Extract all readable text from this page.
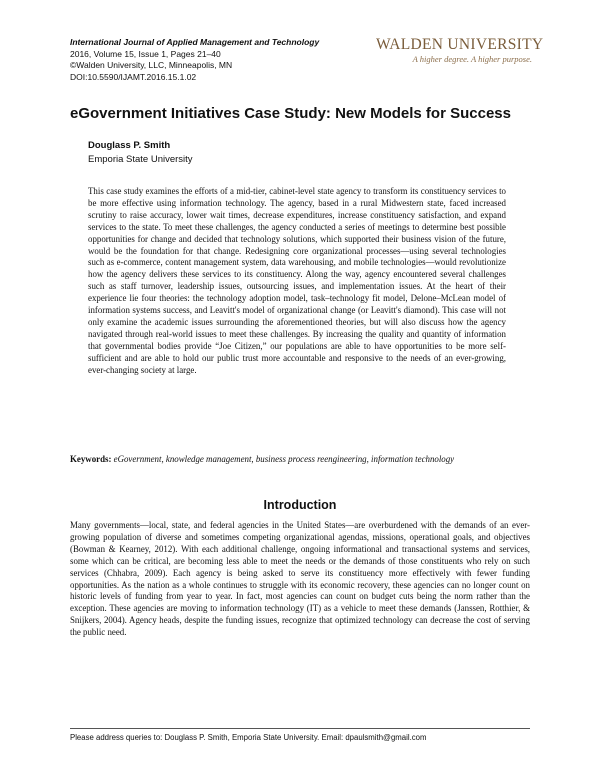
International Journal of Applied Management and Technology
2016, Volume 15, Issue 1, Pages 21–40
©Walden University, LLC, Minneapolis, MN
DOI:10.5590/IJAMT.2016.15.1.02
WALDEN UNIVERSITY
A higher degree. A higher purpose.
eGovernment Initiatives Case Study: New Models for Success
Douglass P. Smith
Emporia State University
This case study examines the efforts of a mid-tier, cabinet-level state agency to transform its constituency services to be more effective using information technology. The agency, based in a rural Midwestern state, faced increased scrutiny to raise accuracy, lower wait times, decrease expenditures, increase constituency satisfaction, and expand services to the state. To meet these challenges, the agency conducted a series of meetings to determine best possible opportunities for change and decided that technology solutions, which supported their business vision of the future, would be the foundation for that change. Redesigning core organizational processes—using several technologies such as e-commerce, content management system, data warehousing, and mobile technologies—would revolutionize how the agency delivers these services to its constituency. Along the way, agency encountered several challenges such as staff turnover, leadership issues, outsourcing issues, and implementation issues. At the heart of their experience lie four theories: the technology adoption model, task–technology fit model, Delone–McLean model of information systems success, and Leavitt's model of organizational change (or Leavitt's diamond). This case will not only examine the academic issues surrounding the aforementioned theories, but will also discuss how the agency navigated through real-world issues to meet these challenges. By increasing the quality and quantity of information that governmental bodies provide “Joe Citizen,” our populations are able to have opportunities to be more self-sufficient and are able to hold our public trust more accountable and responsive to the needs of an ever-growing, ever-changing society at large.
Keywords: eGovernment, knowledge management, business process reengineering, information technology
Introduction
Many governments—local, state, and federal agencies in the United States—are overburdened with the demands of an ever-growing population of diverse and sometimes competing organizational agendas, missions, operational goals, and objectives (Bowman & Kearney, 2012). With each additional challenge, ongoing informational and transactional systems and services, some which can be critical, are becoming less able to meet the needs or the demands of those constituents who rely on such services (Chhabra, 2009). Each agency is being asked to serve its constituency more effectively with fewer funding opportunities. As the nation as a whole continues to struggle with its economic recovery, these agencies can no longer count on historic levels of funding from year to year. In fact, most agencies can count on budget cuts being the norm rather than the exception. These agencies are moving to information technology (IT) as a vehicle to meet these demands (Janssen, Rotthier, & Snijkers, 2004). Agency heads, despite the funding issues, recognize that optimized technology can decrease the cost of serving the public need.
Please address queries to: Douglass P. Smith, Emporia State University. Email: dpaulsmith@gmail.com
